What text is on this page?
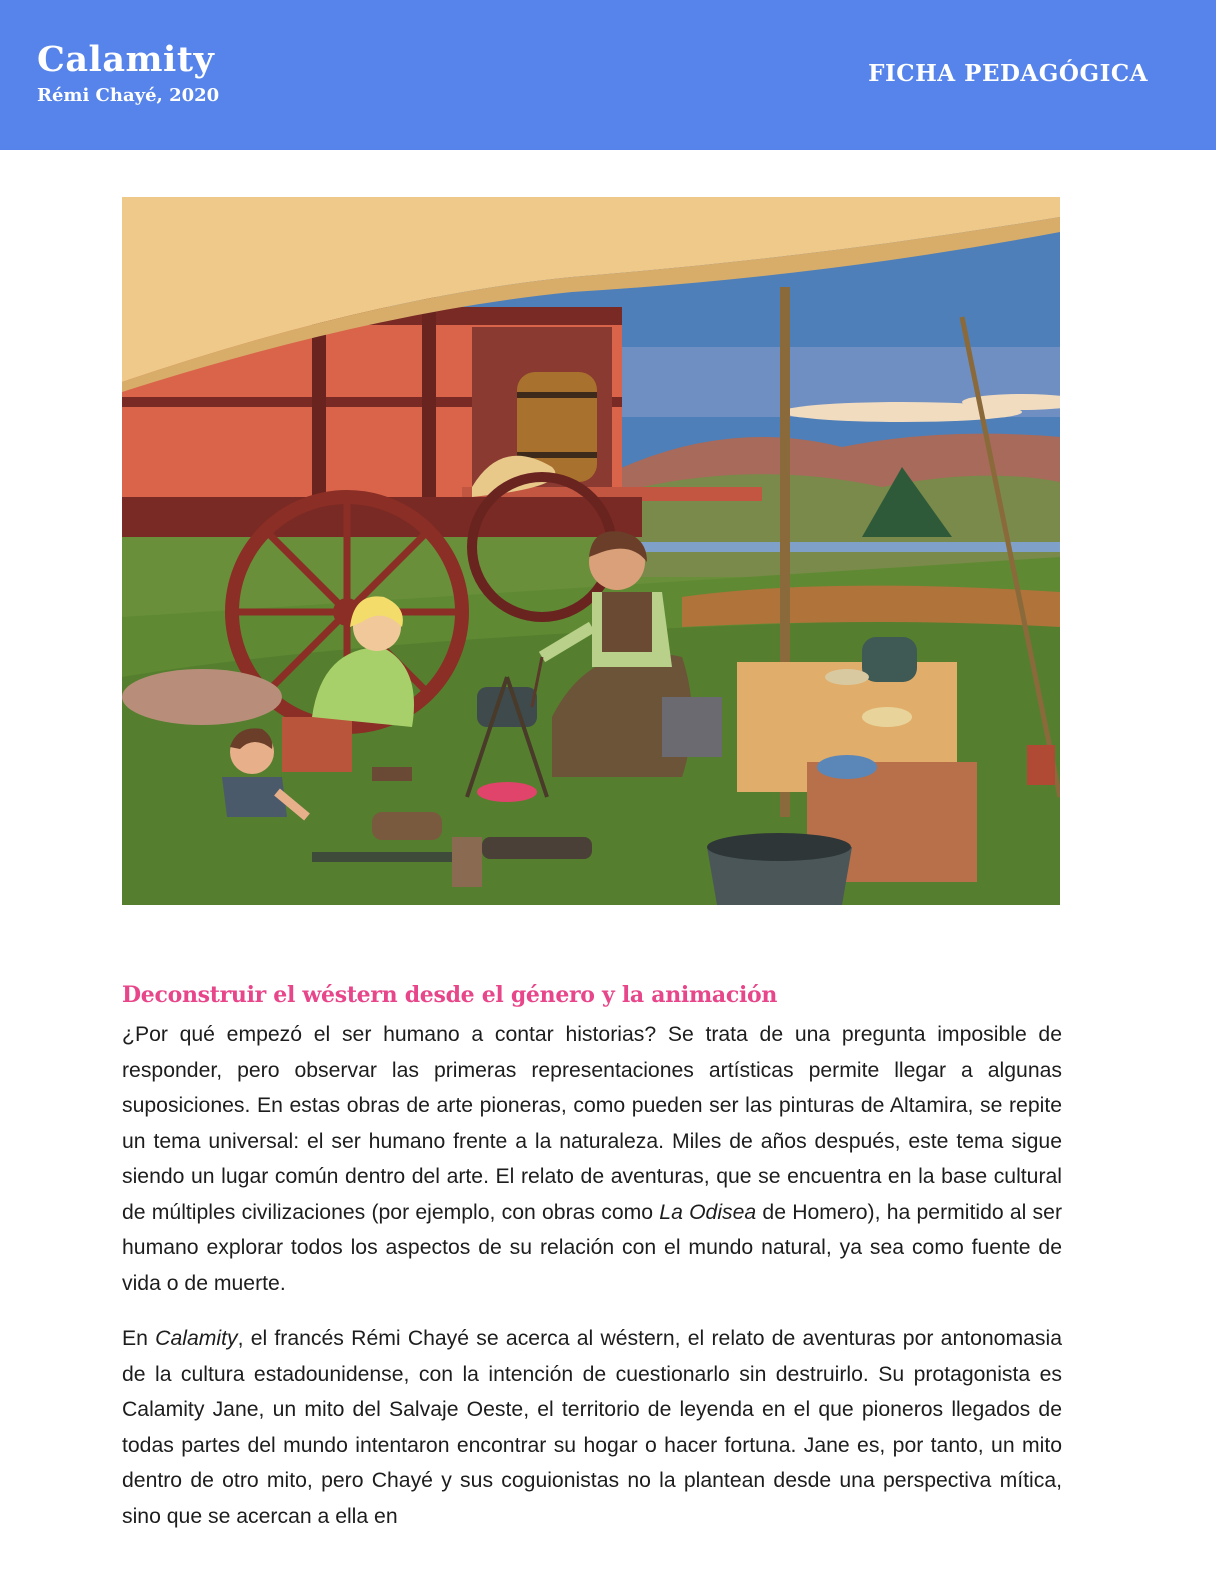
Calamity
Rémi Chayé, 2020
FICHA PEDAGÓGICA
Deconstruir el wéstern desde el género y la animación

¿Por qué empezó el ser humano a contar historias? Se trata de una pregunta imposible de responder, pero observar las primeras representaciones artísticas permite llegar a algunas suposiciones. En estas obras de arte pioneras, como pueden ser las pinturas de Altamira, se repite un tema universal: el ser humano frente a la naturaleza. Miles de años después, este tema sigue siendo un lugar común dentro del arte. El relato de aventuras, que se encuentra en la base cultural de múltiples civilizaciones (por ejemplo, con obras como La Odisea de Homero), ha permitido al ser humano explorar todos los aspectos de su relación con el mundo natural, ya sea como fuente de vida o de muerte.

En Calamity, el francés Rémi Chayé se acerca al wéstern, el relato de aventuras por antonomasia de la cultura estadounidense, con la intención de cuestionarlo sin destruirlo. Su protagonista es Calamity Jane, un mito del Salvaje Oeste, el territorio de leyenda en el que pioneros llegados de todas partes del mundo intentaron encontrar su hogar o hacer fortuna. Jane es, por tanto, un mito dentro de otro mito, pero Chayé y sus coguionistas no la plantean desde una perspectiva mítica, sino que se acercan a ella en
